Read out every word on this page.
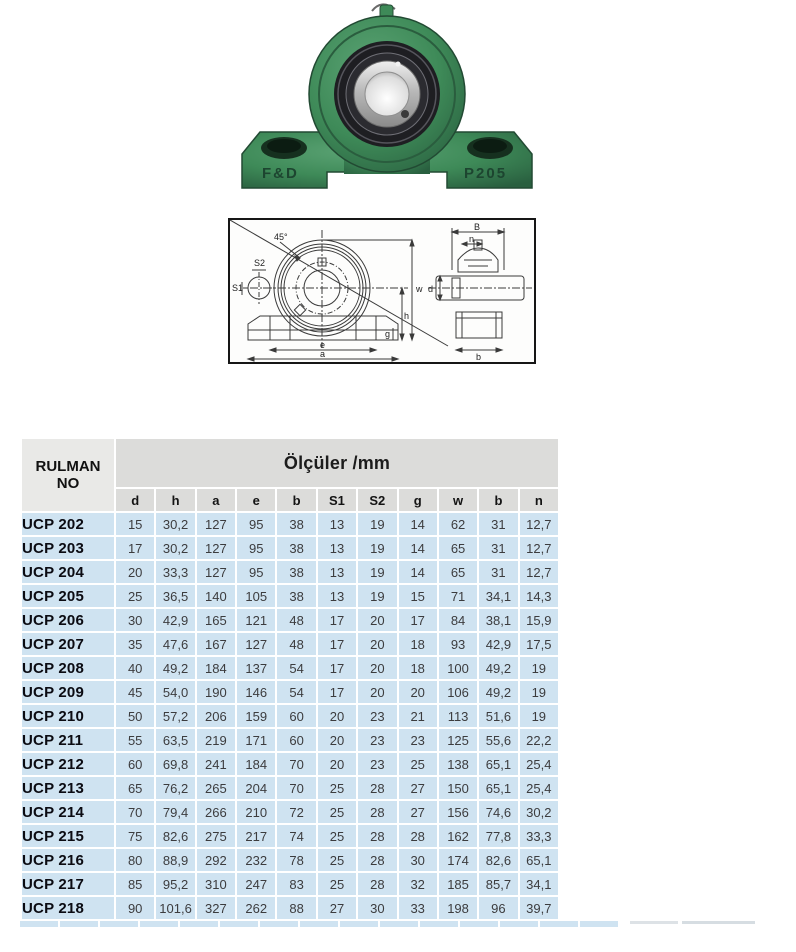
F&D	P205
45°
S2
S1	w
h
g
e
a
B
n
d
b
RULMAN
NO	Ölçüler /mm										
	d	h	a	e	b	S1	S2	g	w	b	n
UCP 202	15	30,2	127	95	38	13	19	14	62	31	12,7
UCP 203	17	30,2	127	95	38	13	19	14	65	31	12,7
UCP 204	20	33,3	127	95	38	13	19	14	65	31	12,7
UCP 205	25	36,5	140	105	38	13	19	15	71	34,1	14,3
UCP 206	30	42,9	165	121	48	17	20	17	84	38,1	15,9
UCP 207	35	47,6	167	127	48	17	20	18	93	42,9	17,5
UCP 208	40	49,2	184	137	54	17	20	18	100	49,2	19
UCP 209	45	54,0	190	146	54	17	20	20	106	49,2	19
UCP 210	50	57,2	206	159	60	20	23	21	113	51,6	19
UCP 211	55	63,5	219	171	60	20	23	23	125	55,6	22,2
UCP 212	60	69,8	241	184	70	20	23	25	138	65,1	25,4
UCP 213	65	76,2	265	204	70	25	28	27	150	65,1	25,4
UCP 214	70	79,4	266	210	72	25	28	27	156	74,6	30,2
UCP 215	75	82,6	275	217	74	25	28	28	162	77,8	33,3
UCP 216	80	88,9	292	232	78	25	28	30	174	82,6	65,1
UCP 217	85	95,2	310	247	83	25	28	32	185	85,7	34,1
UCP 218	90	101,6	327	262	88	27	30	33	198	96	39,7
